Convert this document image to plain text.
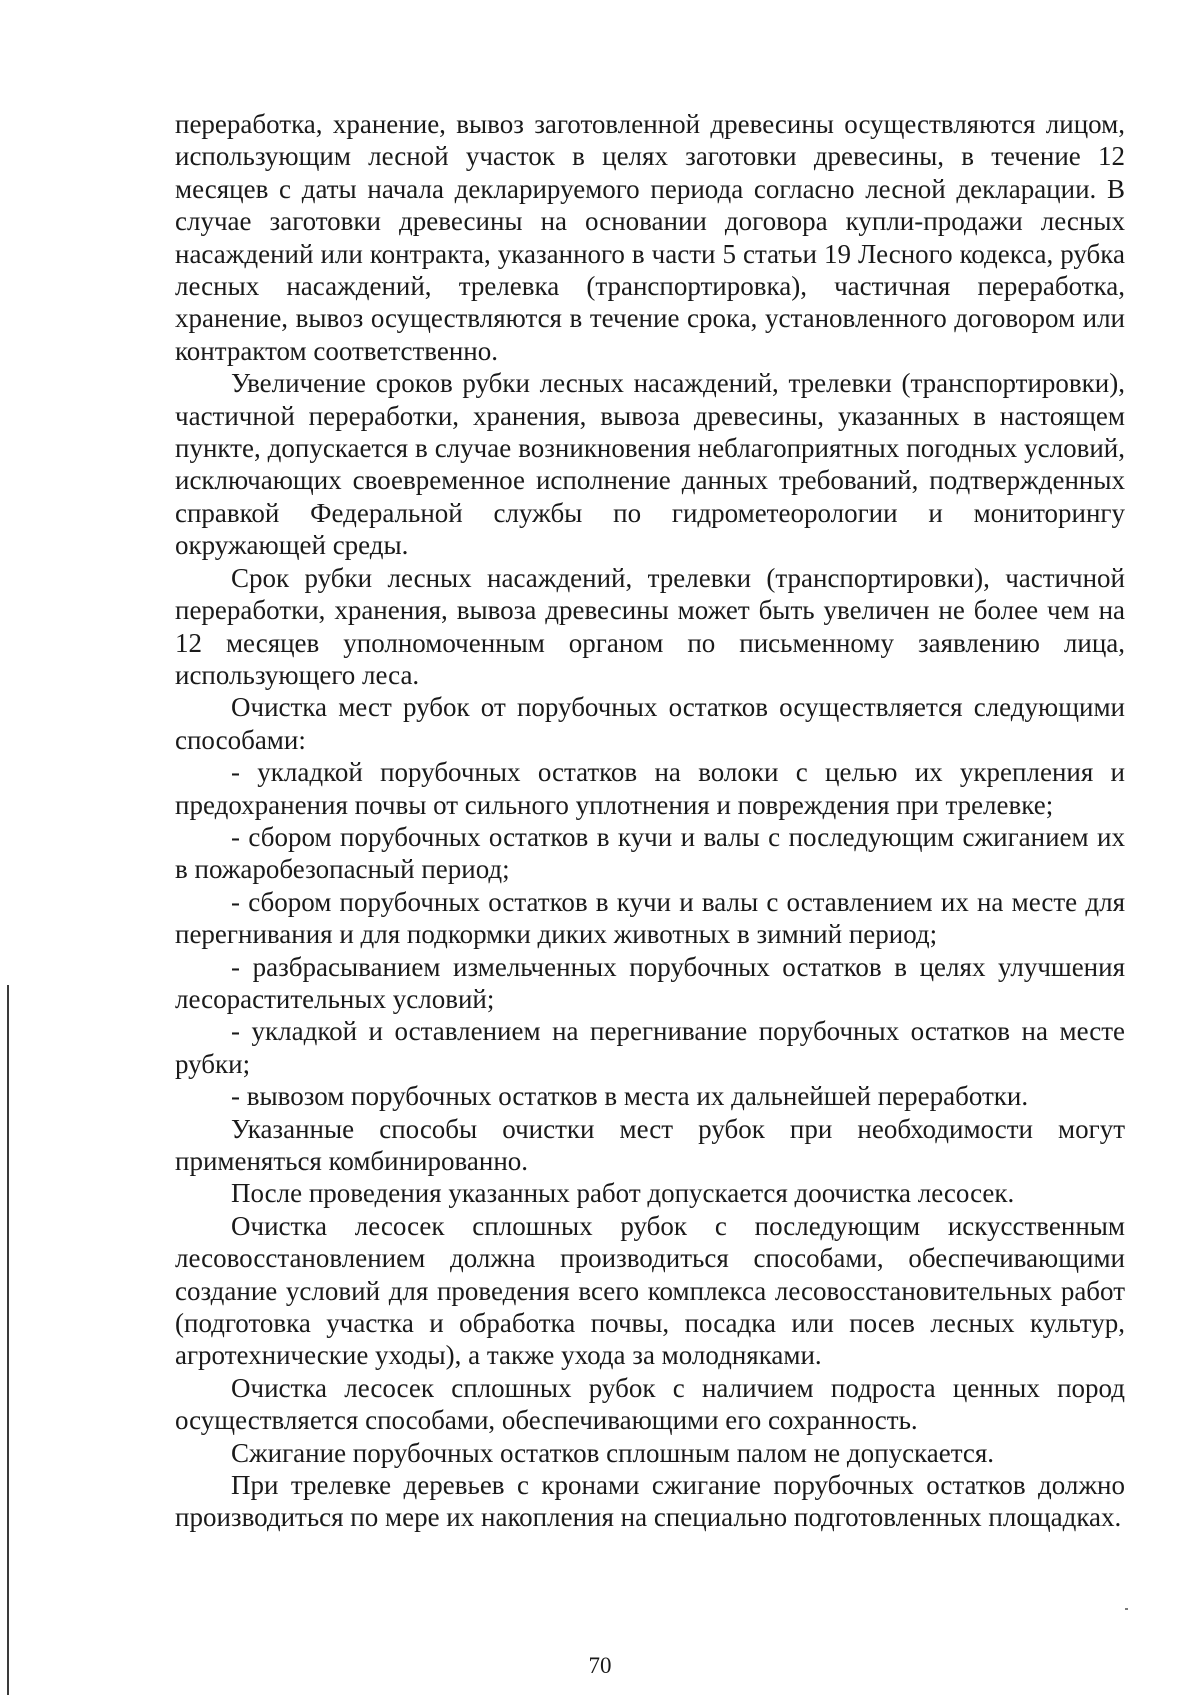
переработка, хранение, вывоз заготовленной древесины осуществляются лицом, использующим лесной участок в целях заготовки древесины, в течение 12 месяцев с даты начала декларируемого периода согласно лесной декларации. В случае заготовки древесины на основании договора купли-продажи лесных насаждений или контракта, указанного в части 5 статьи 19 Лесного кодекса, рубка лесных насаждений, трелевка (транспортировка), частичная переработка, хранение, вывоз осуществляются в течение срока, установленного договором или контрактом соответственно.

Увеличение сроков рубки лесных насаждений, трелевки (транспортировки), частичной переработки, хранения, вывоза древесины, указанных в настоящем пункте, допускается в случае возникновения неблагоприятных погодных условий, исключающих своевременное исполнение данных требований, подтвержденных справкой Федеральной службы по гидрометеорологии и мониторингу окружающей среды.

Срок рубки лесных насаждений, трелевки (транспортировки), частичной переработки, хранения, вывоза древесины может быть увеличен не более чем на 12 месяцев уполномоченным органом по письменному заявлению лица, использующего леса.

Очистка мест рубок от порубочных остатков осуществляется следующими способами:

- укладкой порубочных остатков на волоки с целью их укрепления и предохранения почвы от сильного уплотнения и повреждения при трелевке;

- сбором порубочных остатков в кучи и валы с последующим сжиганием их в пожаробезопасный период;

- сбором порубочных остатков в кучи и валы с оставлением их на месте для перегнивания и для подкормки диких животных в зимний период;

- разбрасыванием измельченных порубочных остатков в целях улучшения лесорастительных условий;

- укладкой и оставлением на перегнивание порубочных остатков на месте рубки;

- вывозом порубочных остатков в места их дальнейшей переработки.

Указанные способы очистки мест рубок при необходимости могут применяться комбинированно.

После проведения указанных работ допускается доочистка лесосек.

Очистка лесосек сплошных рубок с последующим искусственным лесовосстановлением должна производиться способами, обеспечивающими создание условий для проведения всего комплекса лесовосстановительных работ (подготовка участка и обработка почвы, посадка или посев лесных культур, агротехнические уходы), а также ухода за молодняками.

Очистка лесосек сплошных рубок с наличием подроста ценных пород осуществляется способами, обеспечивающими его сохранность.

Сжигание порубочных остатков сплошным палом не допускается.

При трелевке деревьев с кронами сжигание порубочных остатков должно производиться по мере их накопления на специально подготовленных площадках.

70
